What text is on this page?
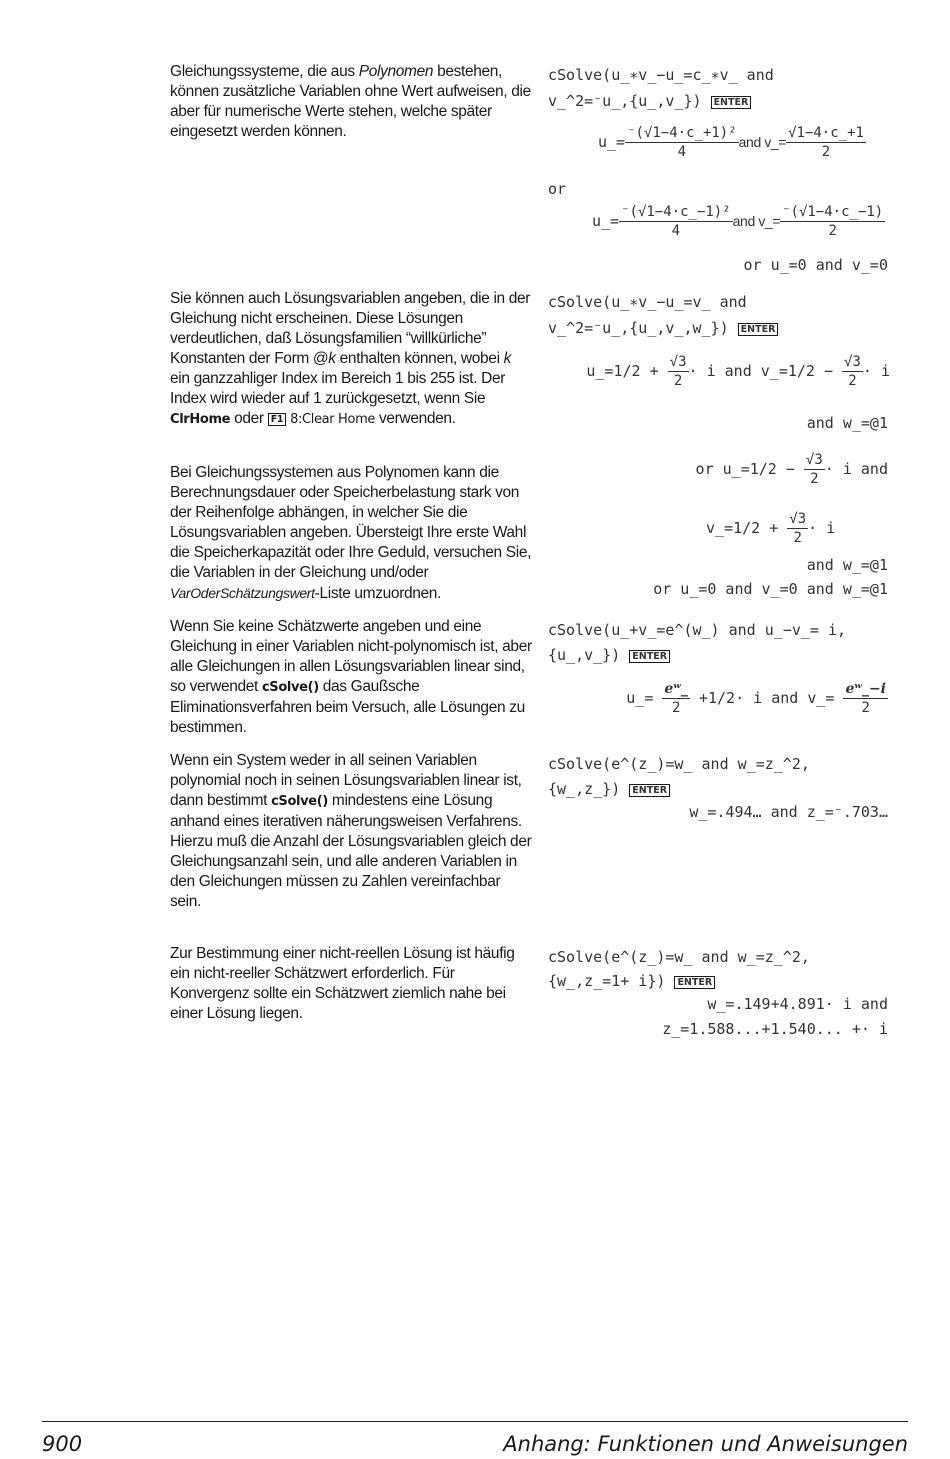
Gleichungssysteme, die aus Polynomen bestehen, können zusätzliche Variablen ohne Wert aufweisen, die aber für numerische Werte stehen, welche später eingesetzt werden können.
Sie können auch Lösungsvariablen angeben, die in der Gleichung nicht erscheinen. Diese Lösungen verdeutlichen, daß Lösungsfamilien “willkürliche” Konstanten der Form @k enthalten können, wobei k ein ganzzahliger Index im Bereich 1 bis 255 ist. Der Index wird wieder auf 1 zurückgesetzt, wenn Sie ClrHome oder F1 8:Clear Home verwenden.
Bei Gleichungssystemen aus Polynomen kann die Berechnungsdauer oder Speicherbelastung stark von der Reihenfolge abhängen, in welcher Sie die Lösungsvariablen angeben. Übersteigt Ihre erste Wahl die Speicherkapazität oder Ihre Geduld, versuchen Sie, die Variablen in der Gleichung und/oder VarOderSchätzungswert-Liste umzuordnen.
Wenn Sie keine Schätzwerte angeben und eine Gleichung in einer Variablen nicht-polynomisch ist, aber alle Gleichungen in allen Lösungsvariablen linear sind, so verwendet cSolve() das Gaußsche Eliminationsverfahren beim Versuch, alle Lösungen zu bestimmen.
Wenn ein System weder in all seinen Variablen polynomial noch in seinen Lösungsvariablen linear ist, dann bestimmt cSolve() mindestens eine Lösung anhand eines iterativen näherungsweisen Verfahrens. Hierzu muß die Anzahl der Lösungsvariablen gleich der Gleichungsanzahl sein, und alle anderen Variablen in den Gleichungen müssen zu Zahlen vereinfachbar sein.
Zur Bestimmung einer nicht-reellen Lösung ist häufig ein nicht-reeller Schätzwert erforderlich. Für Konvergenz sollte ein Schätzwert ziemlich nahe bei einer Lösung liegen.
cSolve(u_∗v_−u_=c_∗v_ and
v_^2=⁻u_,{u_,v_}) ENTER
u_= $\frac{\text{⁻(√1−4·c\_+1)²}}{4}$ and v_= $\frac{√1-4\cdot c\_+1}{2}$
or
u_= $\frac{\text{⁻(√1−4·c\_−1)²}}{4}$ and v_= $\frac{^-(√1-4\cdot c\_-1)}{2}$
or u_=0 and v_=0
cSolve(u_∗v_−u_=v_ and
v_^2=⁻u_,{u_,v_,w_}) ENTER
u_=1/2 + $\frac{√3}{2} \cdot i$ and v_=1/2 − $\frac{√3}{2} \cdot i$
and w_=@1
or u_=1/2 − $\frac{√3}{2} \cdot i$ and
v_=1/2 + $\frac{√3}{2} \cdot i$
and w_=@1
or u_=0 and v_=0 and w_=@1
cSolve(u_+v_=e^(w_) and u_−v_= i,
{u_,v_}) ENTER
u_= $\frac{\text{eʷ\_}}{2} +1/2\cdot i$ and v_= $\frac{\text{eʷ\_−i}}{2}$
cSolve(e^(z_)=w_ and w_=z_^2,
{w_,z_}) ENTER
w_=.494… and z_=⁻.703…
cSolve(e^(z_)=w_ and w_=z_^2,
{w_,z_=1+ i}) ENTER
w_=.149+4.891· i and
z_=1.588...+1.540... +· i
900	Anhang: Funktionen und Anweisungen
